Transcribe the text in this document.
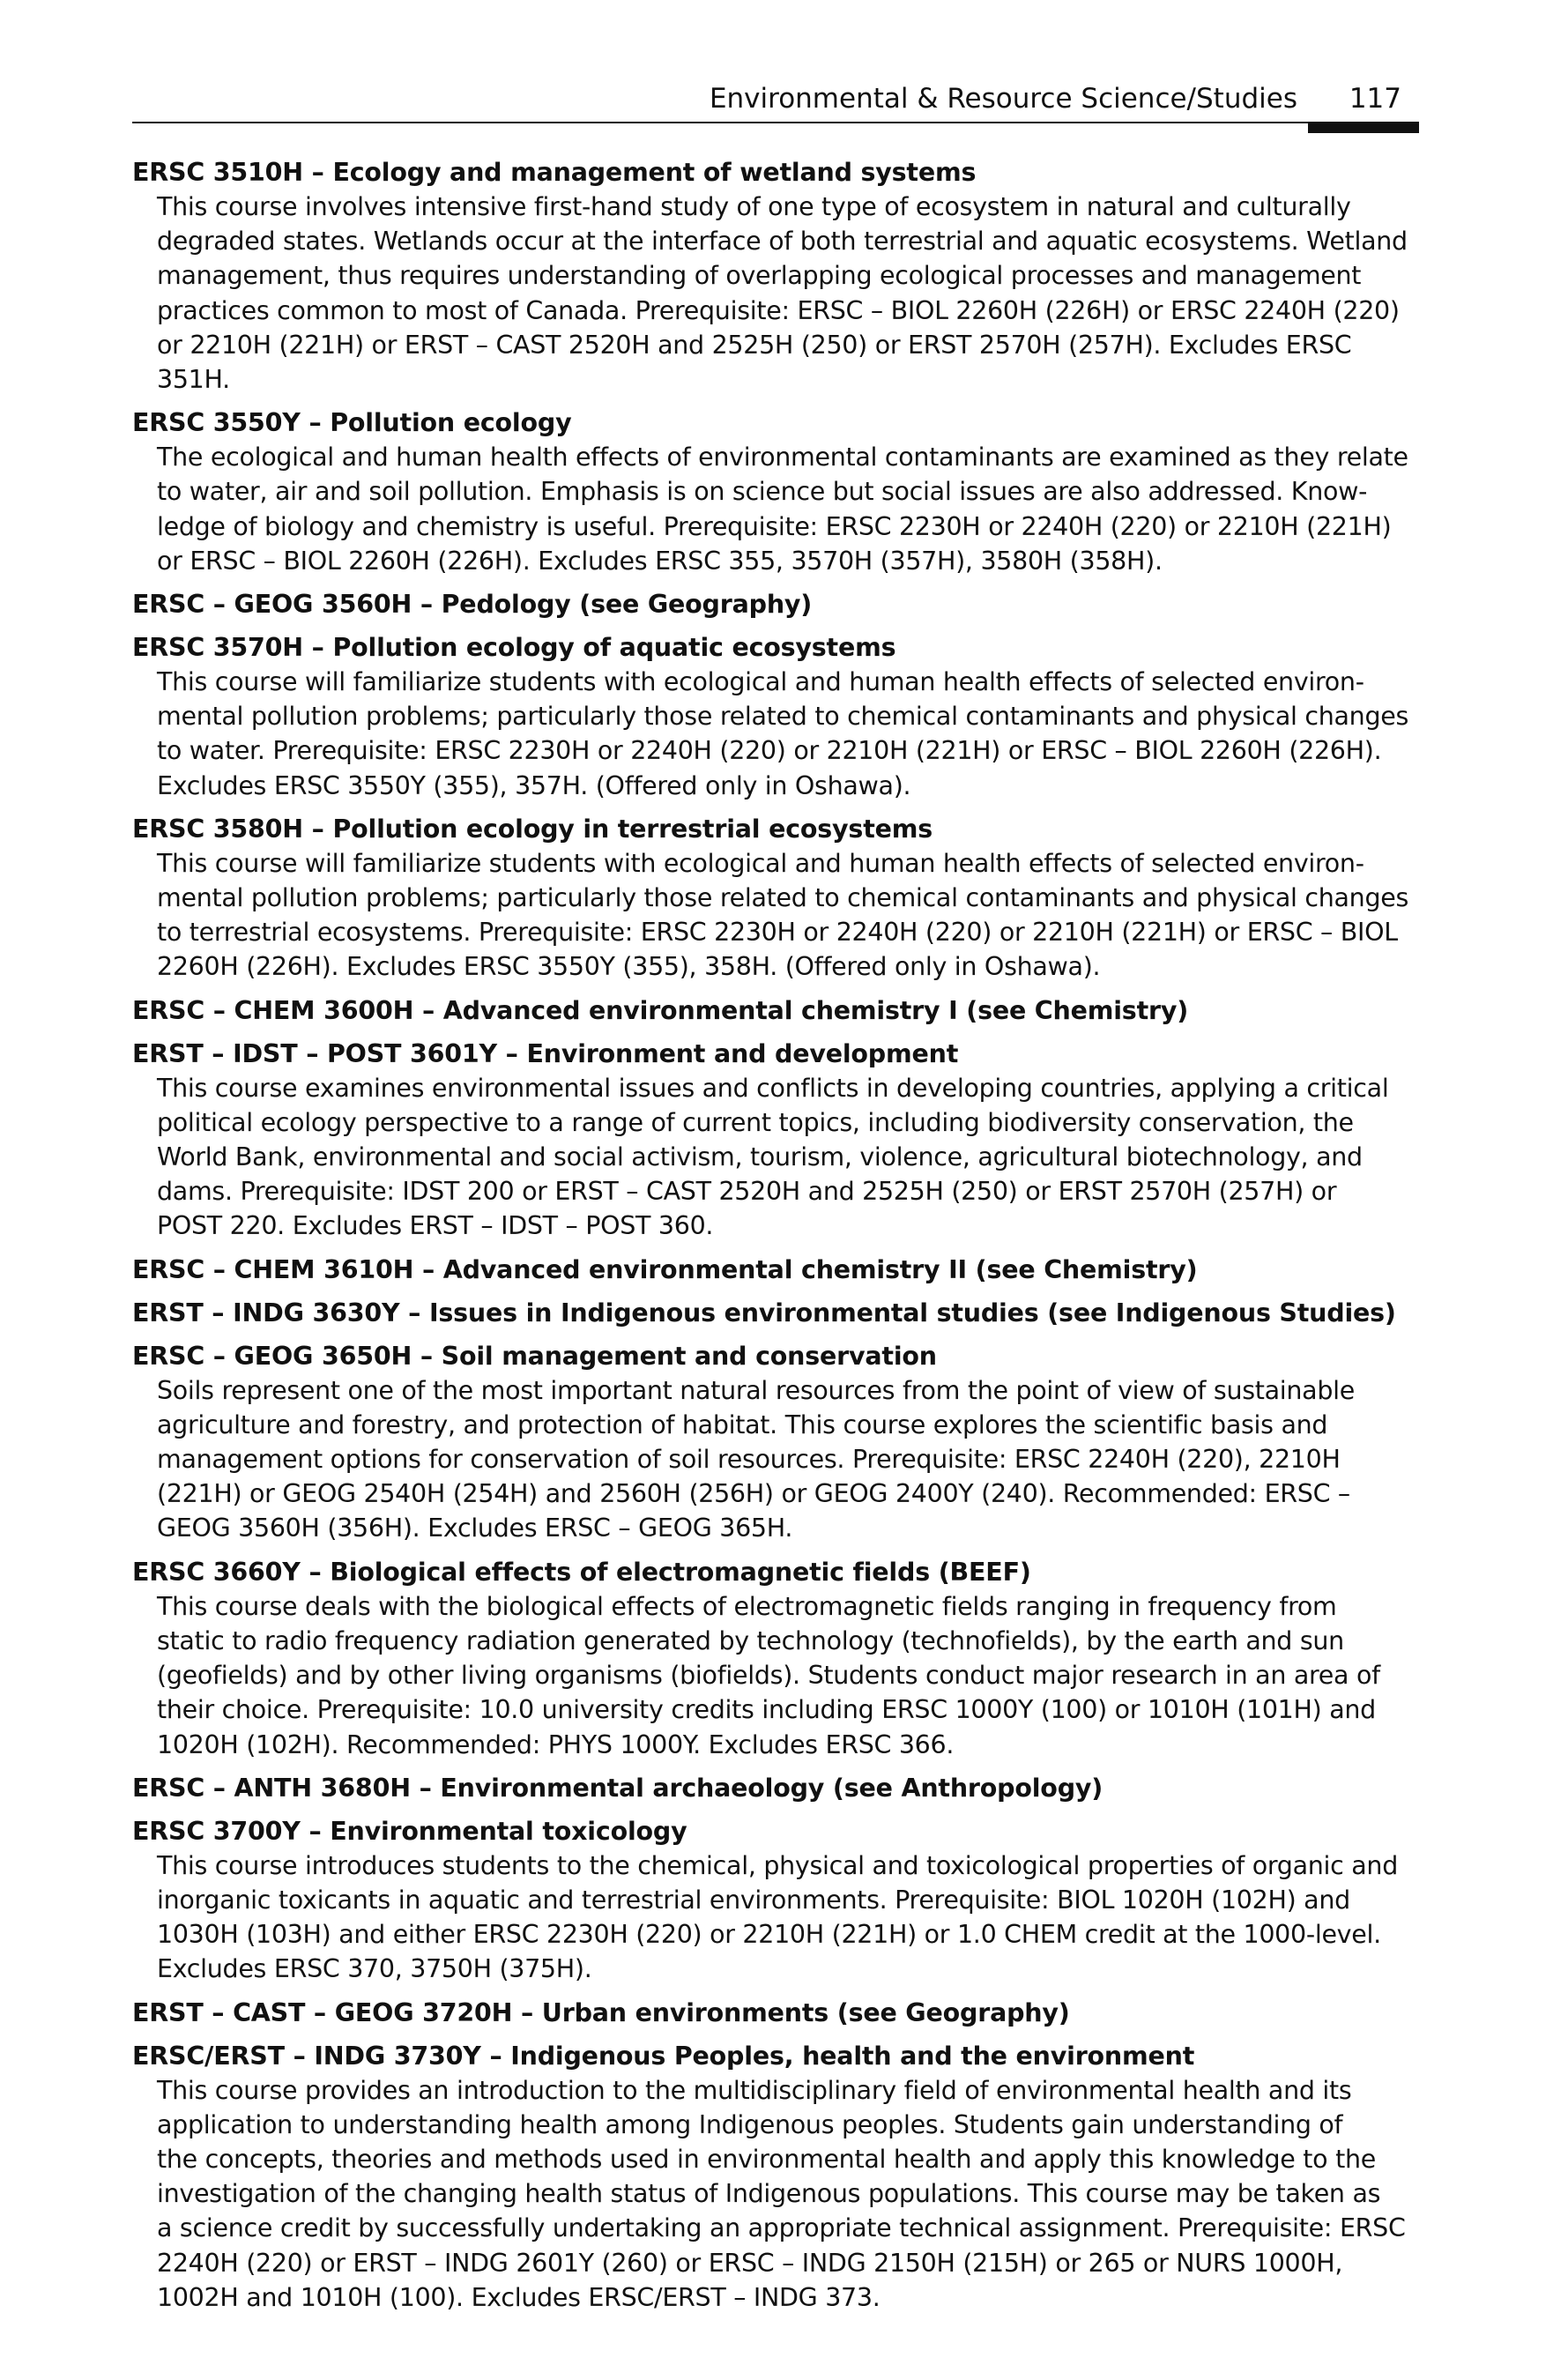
Environmental & Resource Science/Studies 117
ERSC 3510H – Ecology and management of wetland systems
This course involves intensive first-hand study of one type of ecosystem in natural and culturally
degraded states. Wetlands occur at the interface of both terrestrial and aquatic ecosystems. Wetland
management, thus requires understanding of overlapping ecological processes and management
practices common to most of Canada. Prerequisite: ERSC – BIOL 2260H (226H) or ERSC 2240H (220)
or 2210H (221H) or ERST – CAST 2520H and 2525H (250) or ERST 2570H (257H). Excludes ERSC
351H.
ERSC 3550Y – Pollution ecology
The ecological and human health effects of environmental contaminants are examined as they relate
to water, air and soil pollution. Emphasis is on science but social issues are also addressed. Know-
ledge of biology and chemistry is useful. Prerequisite: ERSC 2230H or 2240H (220) or 2210H (221H)
or ERSC – BIOL 2260H (226H). Excludes ERSC 355, 3570H (357H), 3580H (358H).
ERSC – GEOG 3560H – Pedology (see Geography)
ERSC 3570H – Pollution ecology of aquatic ecosystems
This course will familiarize students with ecological and human health effects of selected environ-
mental pollution problems; particularly those related to chemical contaminants and physical changes
to water. Prerequisite: ERSC 2230H or 2240H (220) or 2210H (221H) or ERSC – BIOL 2260H (226H).
Excludes ERSC 3550Y (355), 357H. (Offered only in Oshawa).
ERSC 3580H – Pollution ecology in terrestrial ecosystems
This course will familiarize students with ecological and human health effects of selected environ-
mental pollution problems; particularly those related to chemical contaminants and physical changes
to terrestrial ecosystems. Prerequisite: ERSC 2230H or 2240H (220) or 2210H (221H) or ERSC – BIOL
2260H (226H). Excludes ERSC 3550Y (355), 358H. (Offered only in Oshawa).
ERSC – CHEM 3600H – Advanced environmental chemistry I (see Chemistry)
ERST – IDST – POST 3601Y – Environment and development
This course examines environmental issues and conflicts in developing countries, applying a critical
political ecology perspective to a range of current topics, including biodiversity conservation, the
World Bank, environmental and social activism, tourism, violence, agricultural biotechnology, and
dams. Prerequisite: IDST 200 or ERST – CAST 2520H and 2525H (250) or ERST 2570H (257H) or
POST 220. Excludes ERST – IDST – POST 360.
ERSC – CHEM 3610H – Advanced environmental chemistry II (see Chemistry)
ERST – INDG 3630Y – Issues in Indigenous environmental studies (see Indigenous Studies)
ERSC – GEOG 3650H – Soil management and conservation
Soils represent one of the most important natural resources from the point of view of sustainable
agriculture and forestry, and protection of habitat. This course explores the scientific basis and
management options for conservation of soil resources. Prerequisite: ERSC 2240H (220), 2210H
(221H) or GEOG 2540H (254H) and 2560H (256H) or GEOG 2400Y (240). Recommended: ERSC –
GEOG 3560H (356H). Excludes ERSC – GEOG 365H.
ERSC 3660Y – Biological effects of electromagnetic fields (BEEF)
This course deals with the biological effects of electromagnetic fields ranging in frequency from
static to radio frequency radiation generated by technology (technofields), by the earth and sun
(geofields) and by other living organisms (biofields). Students conduct major research in an area of
their choice. Prerequisite: 10.0 university credits including ERSC 1000Y (100) or 1010H (101H) and
1020H (102H). Recommended: PHYS 1000Y. Excludes ERSC 366.
ERSC – ANTH 3680H – Environmental archaeology (see Anthropology)
ERSC 3700Y – Environmental toxicology
This course introduces students to the chemical, physical and toxicological properties of organic and
inorganic toxicants in aquatic and terrestrial environments. Prerequisite: BIOL 1020H (102H) and
1030H (103H) and either ERSC 2230H (220) or 2210H (221H) or 1.0 CHEM credit at the 1000-level.
Excludes ERSC 370, 3750H (375H).
ERST – CAST – GEOG 3720H – Urban environments (see Geography)
ERSC/ERST – INDG 3730Y – Indigenous Peoples, health and the environment
This course provides an introduction to the multidisciplinary field of environmental health and its
application to understanding health among Indigenous peoples. Students gain understanding of
the concepts, theories and methods used in environmental health and apply this knowledge to the
investigation of the changing health status of Indigenous populations. This course may be taken as
a science credit by successfully undertaking an appropriate technical assignment. Prerequisite: ERSC
2240H (220) or ERST – INDG 2601Y (260) or ERSC – INDG 2150H (215H) or 265 or NURS 1000H,
1002H and 1010H (100). Excludes ERSC/ERST – INDG 373.
